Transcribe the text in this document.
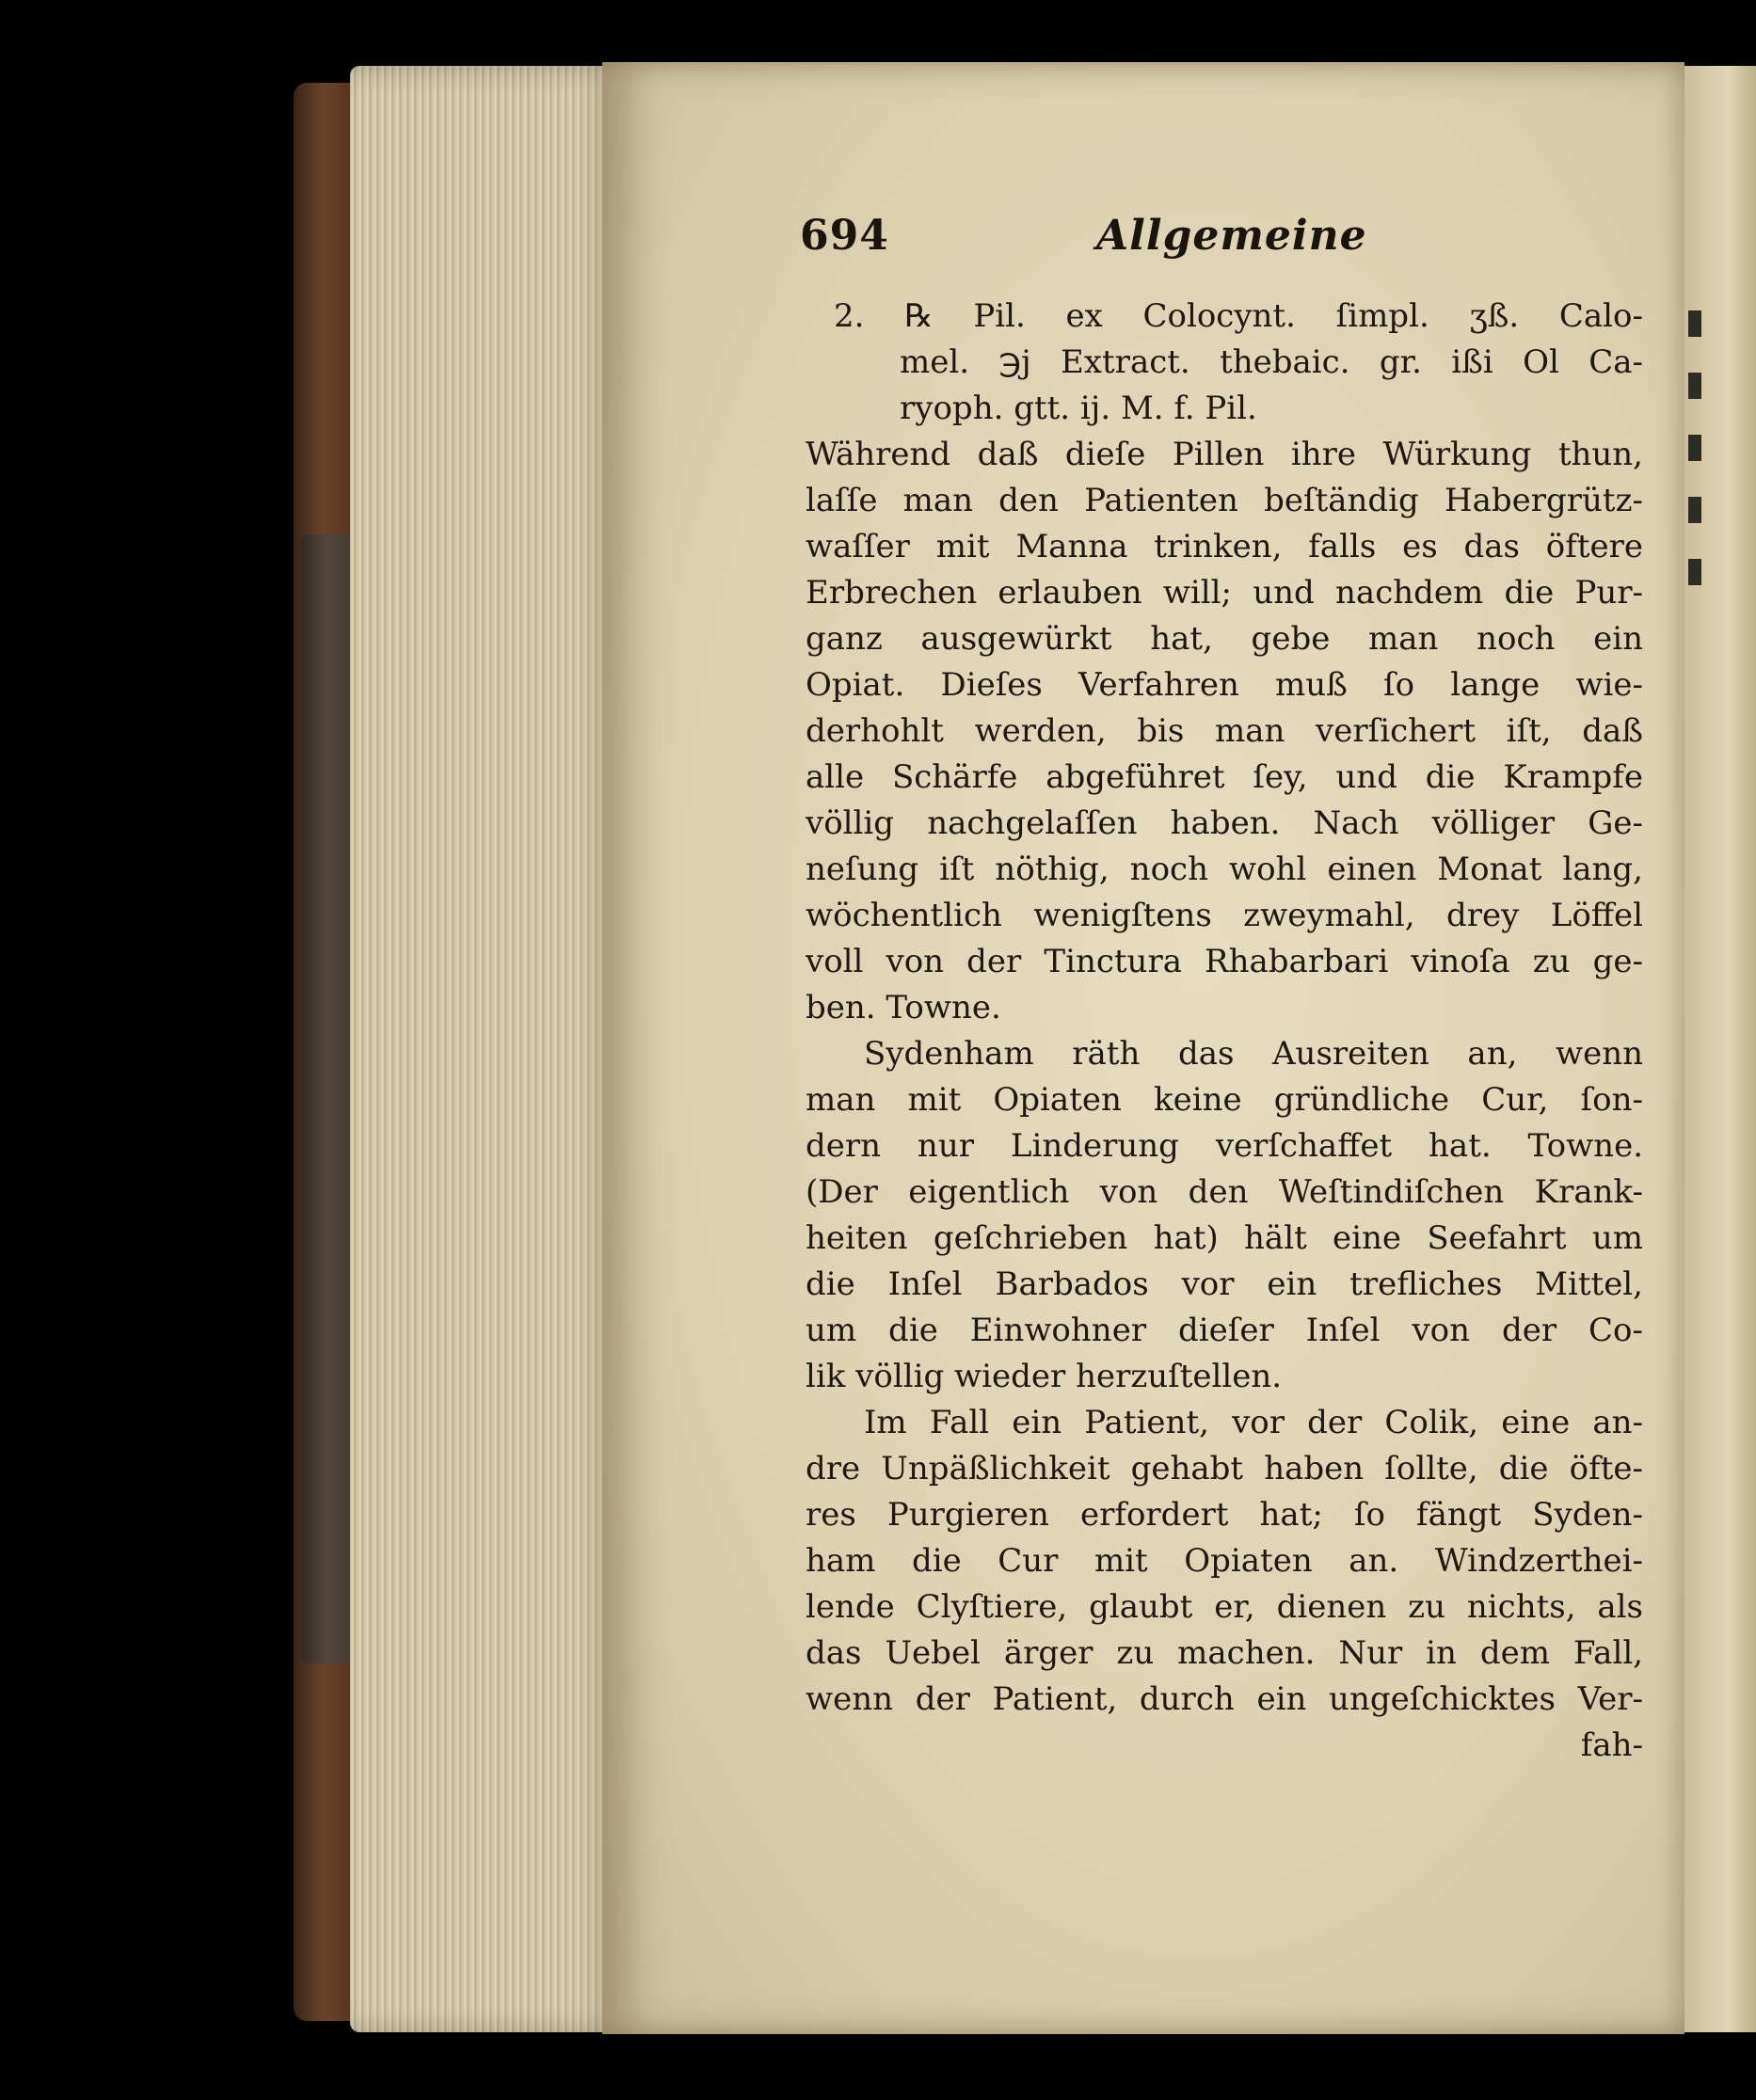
694	Allgemeine
2. ℞ Pil. ex Colocynt. ſimpl. ʒß. Calo-
mel. ℈j Extract. thebaic. gr. ißi Ol Ca-
ryoph. gtt. ij. M. f. Pil.
Während daß dieſe Pillen ihre Würkung thun,
laſſe man den Patienten beſtändig Habergrütz-
waſſer mit Manna trinken, falls es das öftere
Erbrechen erlauben will; und nachdem die Pur-
ganz ausgewürkt hat, gebe man noch ein
Opiat. Dieſes Verfahren muß ſo lange wie-
derhohlt werden, bis man verſichert iſt, daß
alle Schärfe abgeführet ſey, und die Krampfe
völlig nachgelaſſen haben. Nach völliger Ge-
neſung iſt nöthig, noch wohl einen Monat lang,
wöchentlich wenigſtens zweymahl, drey Löffel
voll von der Tinctura Rhabarbari vinoſa zu ge-
ben. Towne.
Sydenham räth das Ausreiten an, wenn
man mit Opiaten keine gründliche Cur, ſon-
dern nur Linderung verſchaffet hat. Towne.
(Der eigentlich von den Weſtindiſchen Krank-
heiten geſchrieben hat) hält eine Seefahrt um
die Inſel Barbados vor ein trefliches Mittel,
um die Einwohner dieſer Inſel von der Co-
lik völlig wieder herzuſtellen.
Im Fall ein Patient, vor der Colik, eine an-
dre Unpäßlichkeit gehabt haben ſollte, die öfte-
res Purgieren erfordert hat; ſo fängt Syden-
ham die Cur mit Opiaten an. Windzerthei-
lende Clyſtiere, glaubt er, dienen zu nichts, als
das Uebel ärger zu machen. Nur in dem Fall,
wenn der Patient, durch ein ungeſchicktes Ver-
fah-
